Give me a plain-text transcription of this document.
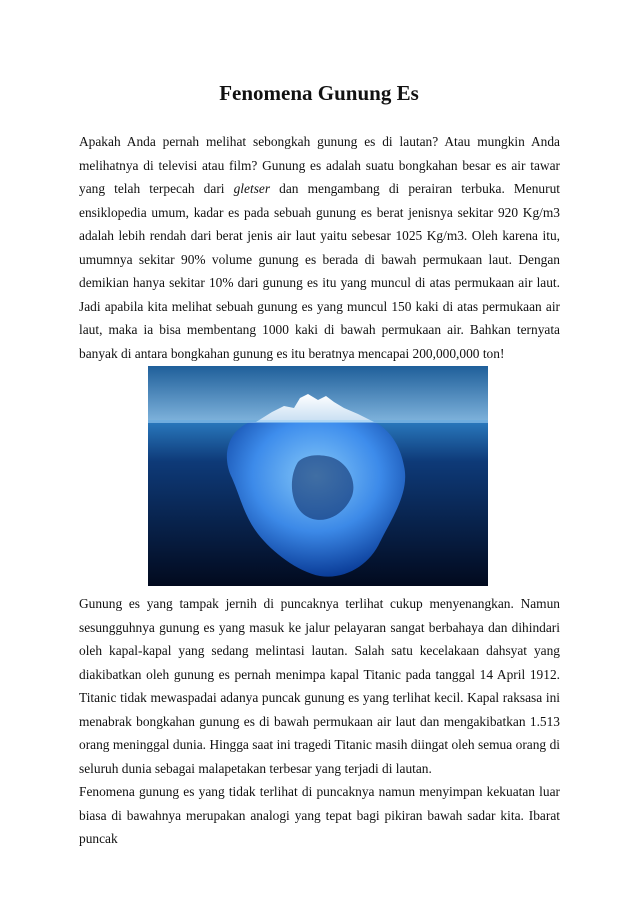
Fenomena Gunung Es

Apakah Anda pernah melihat sebongkah gunung es di lautan? Atau mungkin Anda melihatnya di televisi atau film? Gunung es adalah suatu bongkahan besar es air tawar yang telah terpecah dari gletser dan mengambang di perairan terbuka. Menurut ensiklopedia umum, kadar es pada sebuah gunung es berat jenisnya sekitar 920 Kg/m3 adalah lebih rendah dari berat jenis air laut yaitu sebesar 1025 Kg/m3. Oleh karena itu, umumnya sekitar 90% volume gunung es berada di bawah permukaan laut. Dengan demikian hanya sekitar 10% dari gunung es itu yang muncul di atas permukaan air laut. Jadi apabila kita melihat sebuah gunung es yang muncul 150 kaki di atas permukaan air laut, maka ia bisa membentang 1000 kaki di bawah permukaan air. Bahkan ternyata banyak di antara bongkahan gunung es itu beratnya mencapai 200,000,000 ton!

Gunung es yang tampak jernih di puncaknya terlihat cukup menyenangkan. Namun sesungguhnya gunung es yang masuk ke jalur pelayaran sangat berbahaya dan dihindari oleh kapal-kapal yang sedang melintasi lautan. Salah satu kecelakaan dahsyat yang diakibatkan oleh gunung es pernah menimpa kapal Titanic pada tanggal 14 April 1912. Titanic tidak mewaspadai adanya puncak gunung es yang terlihat kecil. Kapal raksasa ini menabrak bongkahan gunung es di bawah permukaan air laut dan mengakibatkan 1.513 orang meninggal dunia. Hingga saat ini tragedi Titanic masih diingat oleh semua orang di seluruh dunia sebagai malapetakan terbesar yang terjadi di lautan.

Fenomena gunung es yang tidak terlihat di puncaknya namun menyimpan kekuatan luar biasa di bawahnya merupakan analogi yang tepat bagi pikiran bawah sadar kita. Ibarat puncak
